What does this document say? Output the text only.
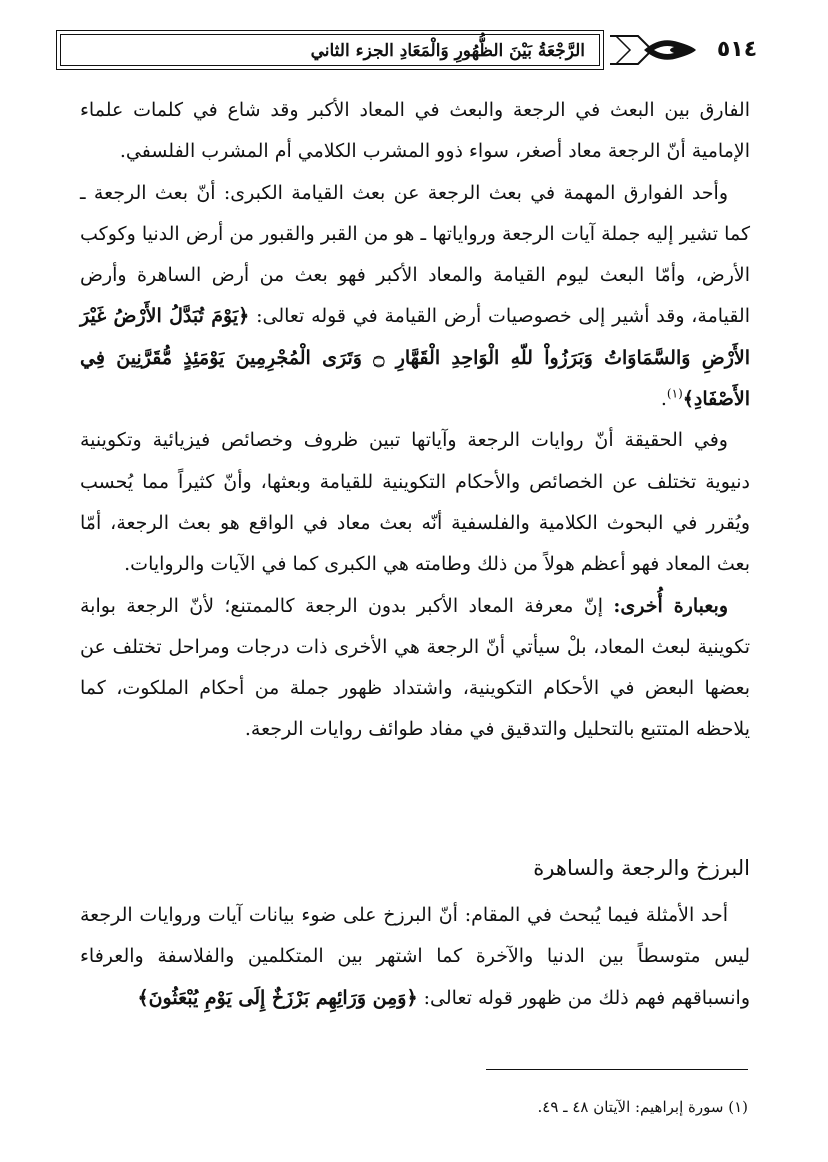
٥١٤
الرَّجْعَةُ بَيْنَ الظُّهُورِ وَالْمَعَادِ الجزء الثاني

الفارق بين البعث في الرجعة والبعث في المعاد الأكبر وقد شاع في كلمات علماء الإمامية أنّ الرجعة معاد أصغر، سواء ذوو المشرب الكلامي أم المشرب الفلسفي.

وأحد الفوارق المهمة في بعث الرجعة عن بعث القيامة الكبرى: أنّ بعث الرجعة ـ كما تشير إليه جملة آيات الرجعة ورواياتها ـ هو من القبر والقبور من أرض الدنيا وكوكب الأرض، وأمّا البعث ليوم القيامة والمعاد الأكبر فهو بعث من أرض الساهرة وأرض القيامة، وقد أشير إلى خصوصيات أرض القيامة في قوله تعالى: ﴿يَوْمَ تُبَدَّلُ الأَرْضُ غَيْرَ الأَرْضِ وَالسَّمَاوَاتُ وَبَرَزُواْ للّهِ الْوَاحِدِ الْقَهَّارِ ۝ وَتَرَى الْمُجْرِمِينَ يَوْمَئِذٍ مُّقَرَّنِينَ فِي الأَصْفَادِ﴾$^{(١)}$.

وفي الحقيقة أنّ روايات الرجعة وآياتها تبين ظروف وخصائص فيزيائية وتكوينية دنيوية تختلف عن الخصائص والأحكام التكوينية للقيامة وبعثها، وأنّ كثيراً مما يُحسب ويُقرر في البحوث الكلامية والفلسفية أنّه بعث معاد في الواقع هو بعث الرجعة، أمّا بعث المعاد فهو أعظم هولاً من ذلك وطامته هي الكبرى كما في الآيات والروايات.

وبعبارة أُخرى: إنّ معرفة المعاد الأكبر بدون الرجعة كالممتنع؛ لأنّ الرجعة بوابة تكوينية لبعث المعاد، بلْ سيأتي أنّ الرجعة هي الأخرى ذات درجات ومراحل تختلف عن بعضها البعض في الأحكام التكوينية، واشتداد ظهور جملة من أحكام الملكوت، كما يلاحظه المتتبع بالتحليل والتدقيق في مفاد طوائف روايات الرجعة.

البرزخ والرجعة والساهرة

أحد الأمثلة فيما يُبحث في المقام: أنّ البرزخ على ضوء بيانات آيات وروايات الرجعة ليس متوسطاً بين الدنيا والآخرة كما اشتهر بين المتكلمين والفلاسفة والعرفاء وانسباقهم فهم ذلك من ظهور قوله تعالى: ﴿وَمِن وَرَائِهِم بَرْزَخٌ إِلَى يَوْمِ يُبْعَثُونَ﴾

(١) سورة إبراهيم: الآيتان ٤٨ ـ ٤٩.
